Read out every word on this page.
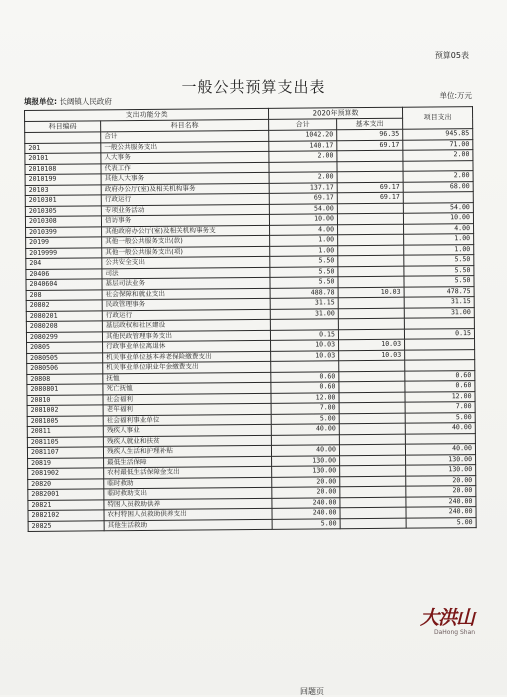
预算05表
一般公共预算支出表
填报单位: 长阔镇人民政府
单位:万元
支出功能分类		2020年预算数		项目支出
科目编码	科目名称	合计	基本支出	
	合计	1042.20	96.35	945.85
201	一般公共服务支出	140.17	69.17	71.00
20101	人大事务	2.00		2.00
2010108	代表工作			
2010199	其他人大事务	2.00		2.00
20103	政府办公厅(室)及相关机构事务	137.17	69.17	68.00
2010301	行政运行	69.17	69.17	
2010305	专项业务活动	54.00		54.00
2010308	信访事务	10.00		10.00
2010399	其他政府办公厅(室)及相关机构事务支	4.00		4.00
20199	其他一般公共服务支出(款)	1.00		1.00
2019999	其他一般公共服务支出(项)	1.00		1.00
204	公共安全支出	5.50		5.50
20406	司法	5.50		5.50
2040604	基层司法业务	5.50		5.50
208	社会保障和就业支出	488.78	10.03	478.75
20802	民政管理事务	31.15		31.15
2080201	行政运行	31.00		31.00
2080208	基层政权和社区建设			
2080299	其他民政管理事务支出	0.15		0.15
20805	行政事业单位离退休	10.03	10.03	
2080505	机关事业单位基本养老保险缴费支出	10.03	10.03	
2080506	机关事业单位职业年金缴费支出			
20808	抚恤	0.60		0.60
2080801	死亡抚恤	0.60		0.60
20810	社会福利	12.00		12.00
2081002	老年福利	7.00		7.00
2081005	社会福利事业单位	5.00		5.00
20811	残疾人事业	40.00		40.00
2081105	残疾人就业和扶贫			
2081107	残疾人生活和护理补贴	40.00		40.00
20819	最低生活保障	130.00		130.00
2081902	农村最低生活保障金支出	130.00		130.00
20820	临时救助	20.00		20.00
2082001	临时救助支出	20.00		20.00
20821	特困人员救助供养	240.00		240.00
2082102	农村特困人员救助供养支出	240.00		240.00
20825	其他生活救助	5.00		5.00
大洪山
DaHong Shan
回题页
